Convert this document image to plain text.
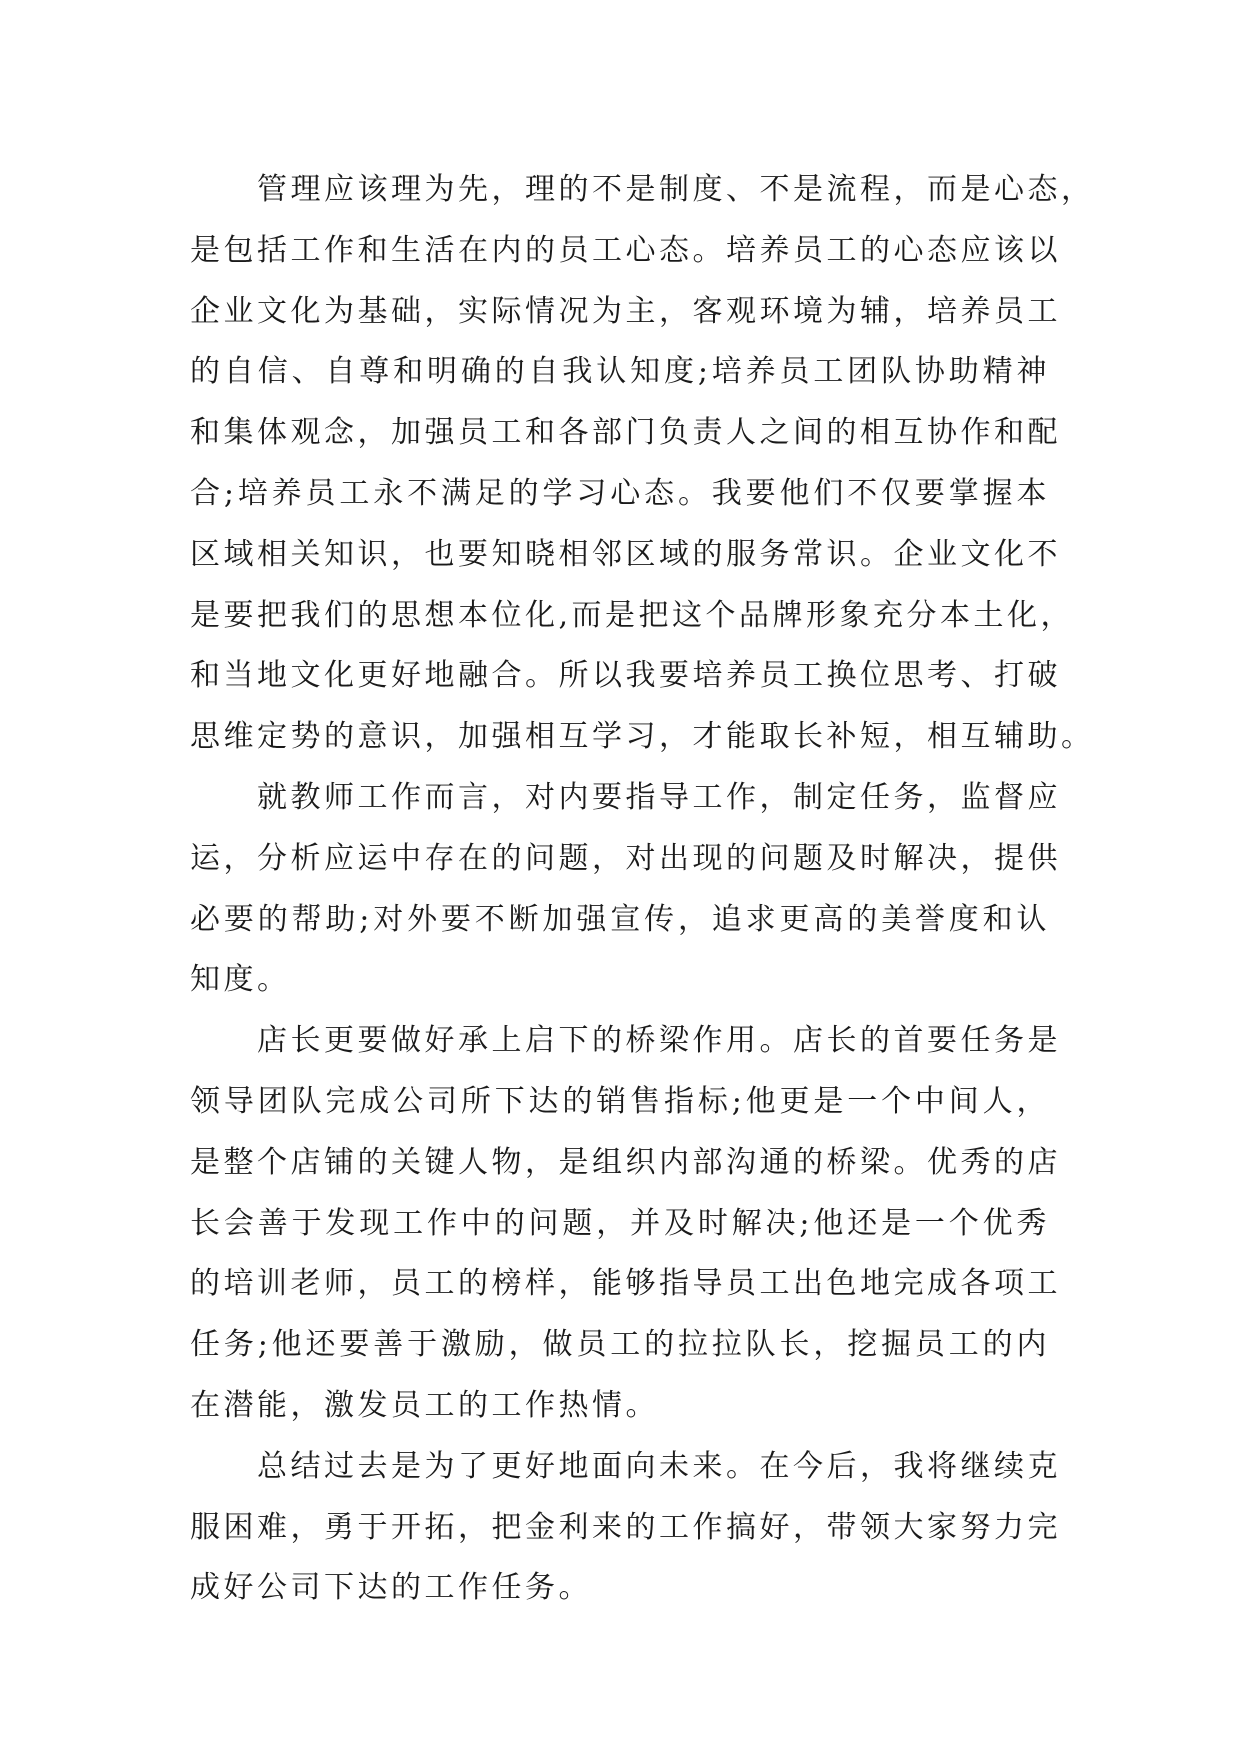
管理应该理为先，理的不是制度、不是流程，而是心态，
是包括工作和生活在内的员工心态。培养员工的心态应该以
企业文化为基础，实际情况为主，客观环境为辅，培养员工
的自信、自尊和明确的自我认知度;培养员工团队协助精神
和集体观念，加强员工和各部门负责人之间的相互协作和配
合;培养员工永不满足的学习心态。我要他们不仅要掌握本
区域相关知识，也要知晓相邻区域的服务常识。企业文化不
是要把我们的思想本位化,而是把这个品牌形象充分本土化，
和当地文化更好地融合。所以我要培养员工换位思考、打破
思维定势的意识，加强相互学习，才能取长补短，相互辅助。
就教师工作而言，对内要指导工作，制定任务，监督应
运，分析应运中存在的问题，对出现的问题及时解决，提供
必要的帮助;对外要不断加强宣传，追求更高的美誉度和认
知度。
店长更要做好承上启下的桥梁作用。店长的首要任务是
领导团队完成公司所下达的销售指标;他更是一个中间人，
是整个店铺的关键人物，是组织内部沟通的桥梁。优秀的店
长会善于发现工作中的问题，并及时解决;他还是一个优秀
的培训老师，员工的榜样，能够指导员工出色地完成各项工
任务;他还要善于激励，做员工的拉拉队长，挖掘员工的内
在潜能，激发员工的工作热情。
总结过去是为了更好地面向未来。在今后，我将继续克
服困难，勇于开拓，把金利来的工作搞好，带领大家努力完
成好公司下达的工作任务。
